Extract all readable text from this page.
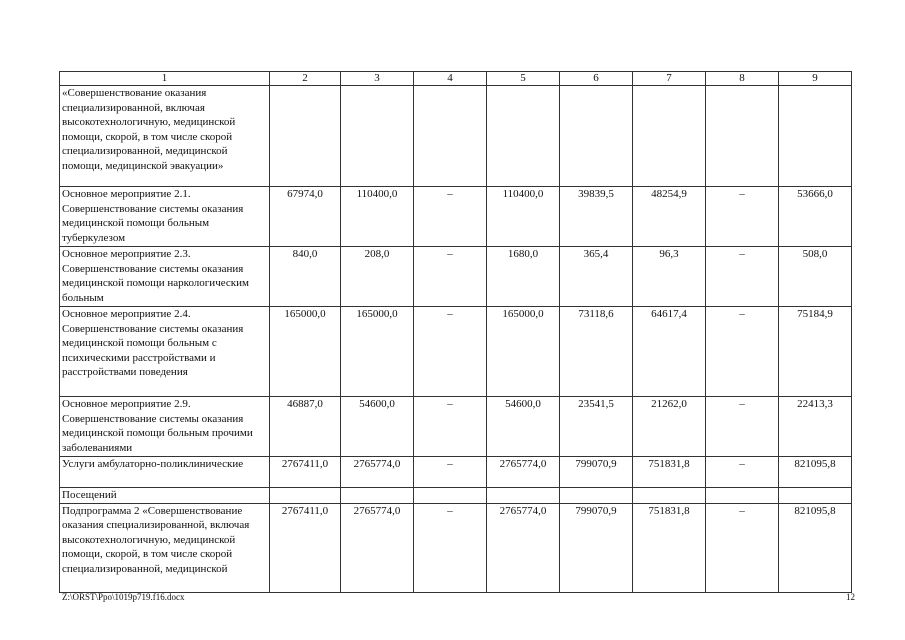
1	2	3	4	5	6	7	8	9
«Совершенствование оказания специализированной, включая высокотехнологичную, медицинской помощи, скорой, в том числе скорой специализированной, медицинской помощи, медицинской эвакуации»								
Основное мероприятие 2.1. Совершенствование системы оказания медицинской помощи больным туберкулезом	67974,0	110400,0	–	110400,0	39839,5	48254,9	–	53666,0
Основное мероприятие 2.3. Совершенствование системы оказания медицинской помощи наркологическим больным	840,0	208,0	–	1680,0	365,4	96,3	–	508,0
Основное мероприятие 2.4. Совершенствование системы оказания медицинской помощи больным с психическими расстройствами и расстройствами поведения	165000,0	165000,0	–	165000,0	73118,6	64617,4	–	75184,9
Основное мероприятие 2.9. Совершенствование системы оказания медицинской помощи больным прочими заболеваниями	46887,0	54600,0	–	54600,0	23541,5	21262,0	–	22413,3
Услуги амбулаторно-поликлинические	2767411,0	2765774,0	–	2765774,0	799070,9	751831,8	–	821095,8
Посещений								
Подпрограмма 2 «Совершенствование оказания специализированной, включая высокотехнологичную, медицинской помощи, скорой, в том числе скорой специализированной, медицинской	2767411,0	2765774,0	–	2765774,0	799070,9	751831,8	–	821095,8
Z:\ORST\Ppo\1019p719.f16.docx	12
